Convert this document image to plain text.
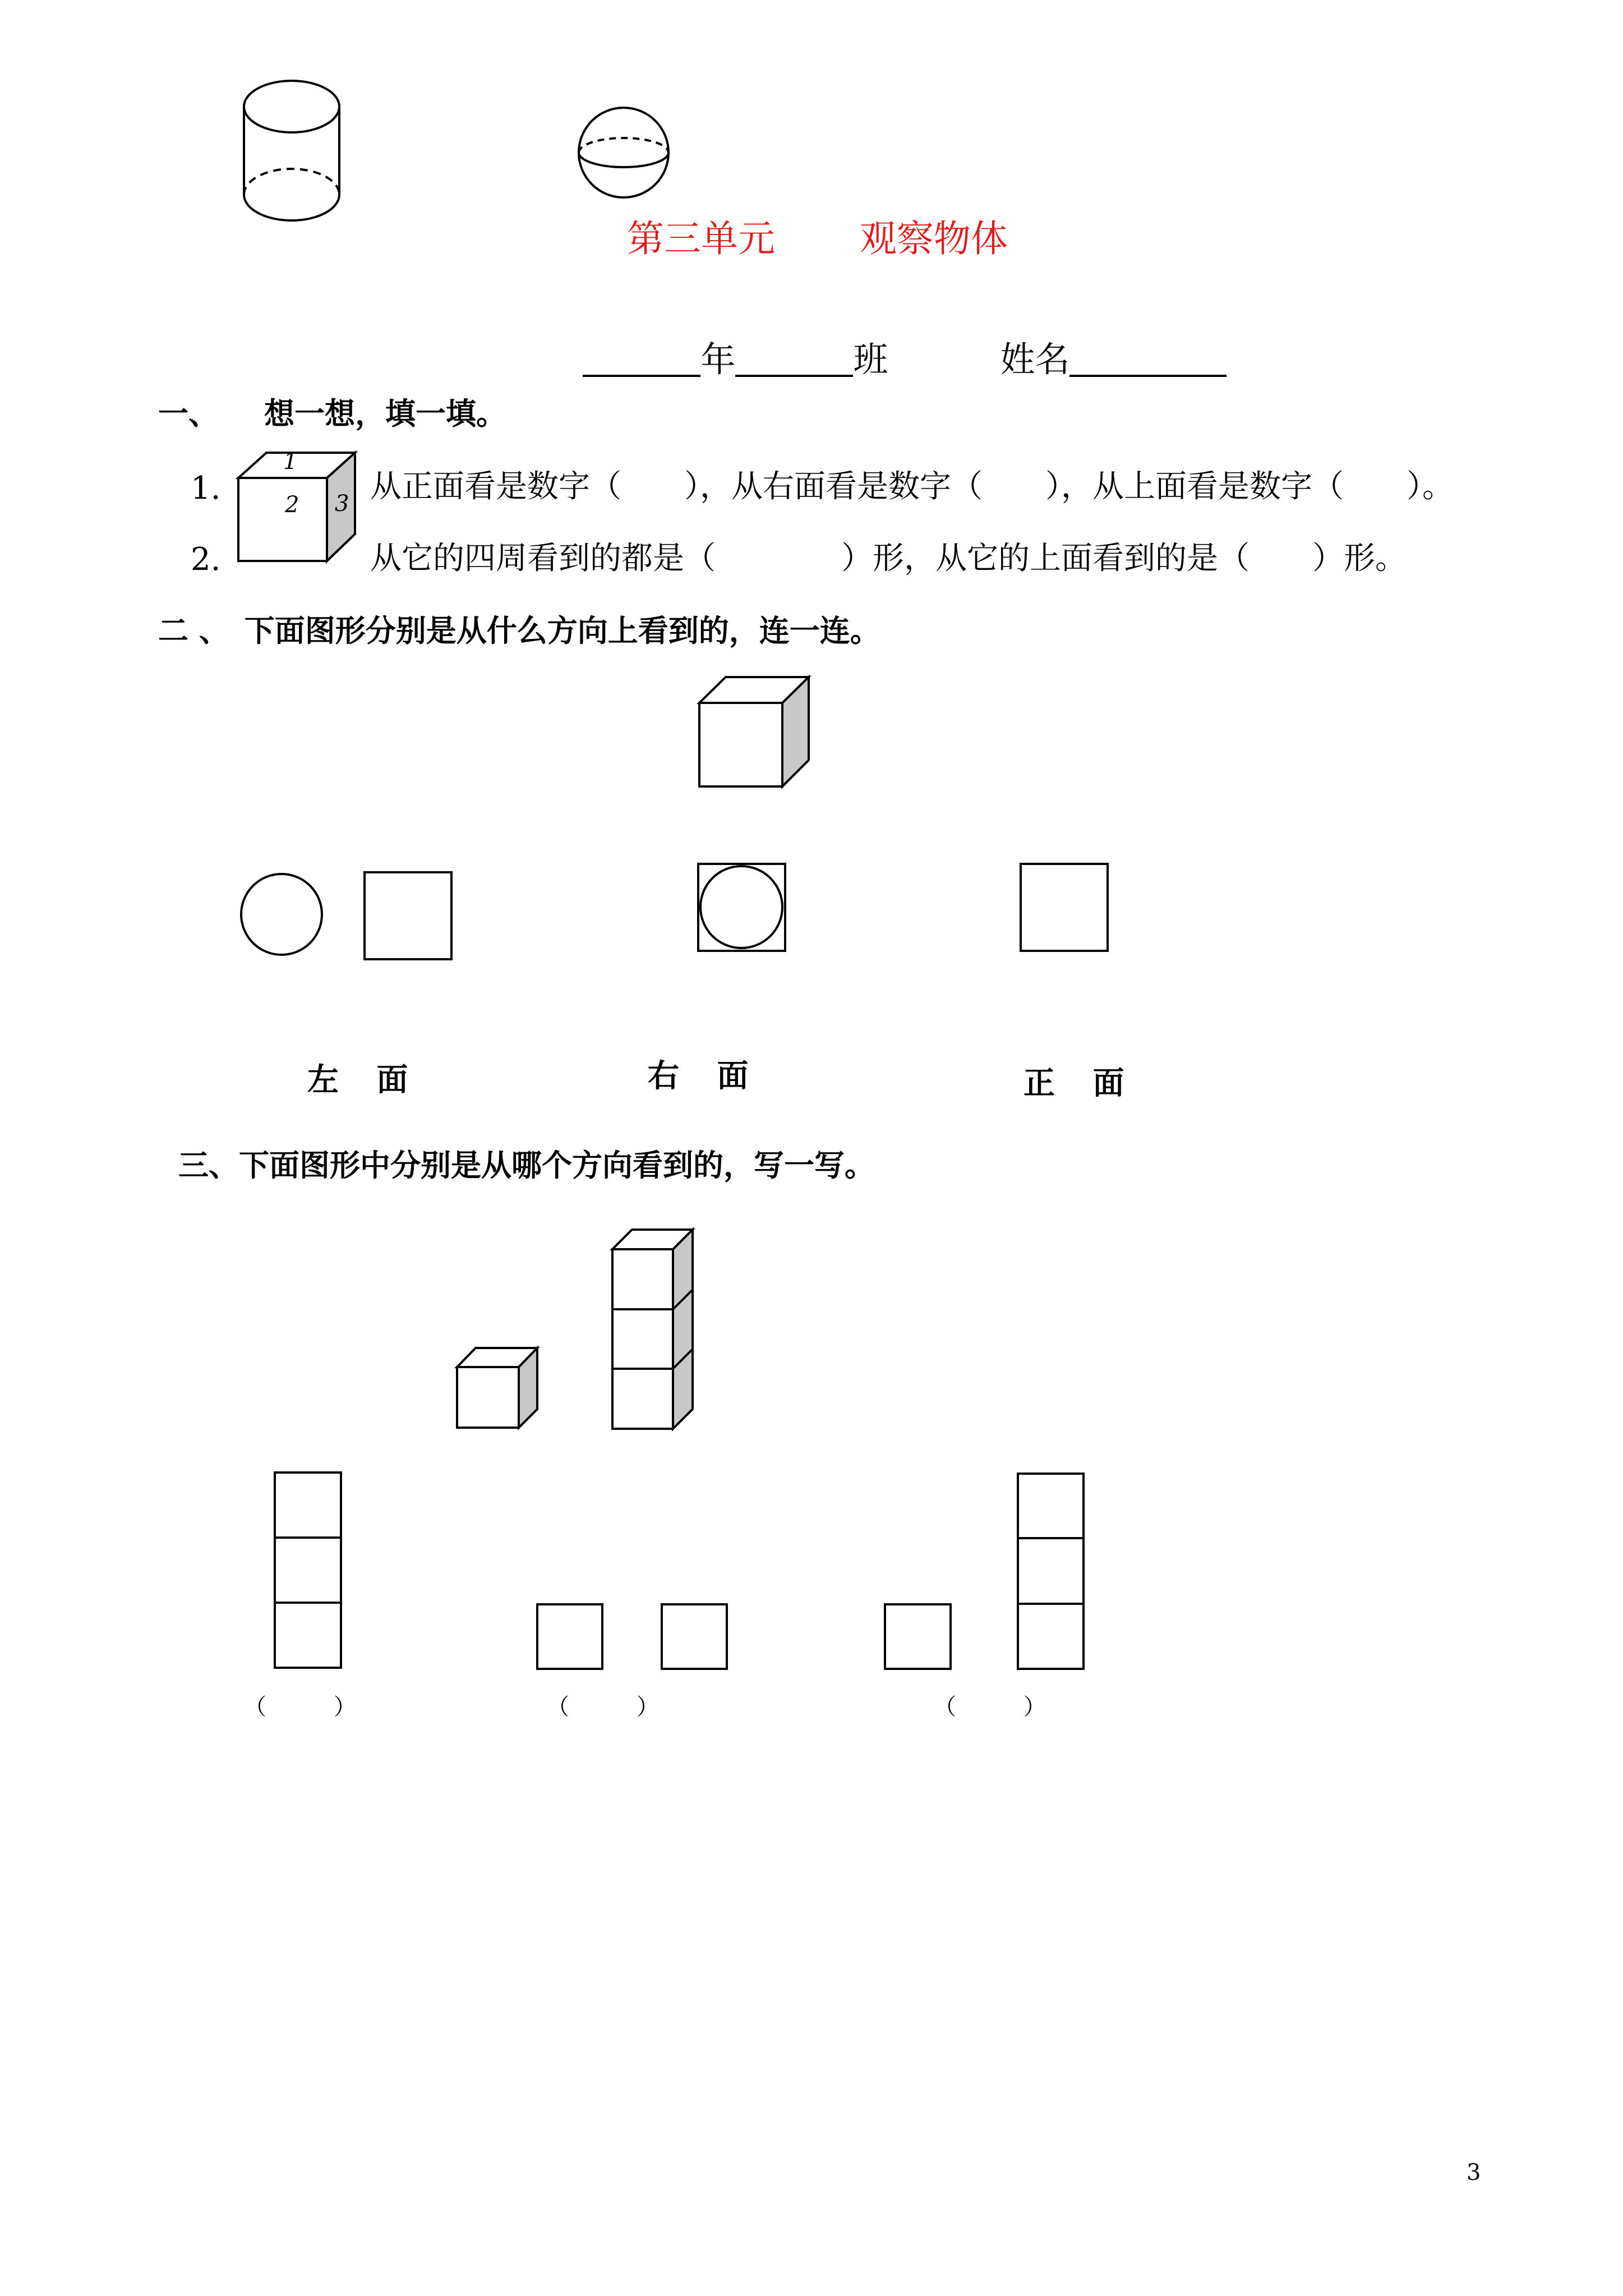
第三单元 观察物体

年	班	姓名

一、　　想一想，填一填。
1
2 3
1.	从正面看是数字（　　），从右面看是数字（　　），从上面看是数字（　　）。
2.	从它的四周看到的都是（　　　　）形，从它的上面看到的是（　　）形。
二 、　下面图形分别是从什么方向上看到的，连一连。
左 面	右 面	正 面
三、下面图形中分别是从哪个方向看到的，写一写。
（　　　）	（　　　）	（　　　）
3
